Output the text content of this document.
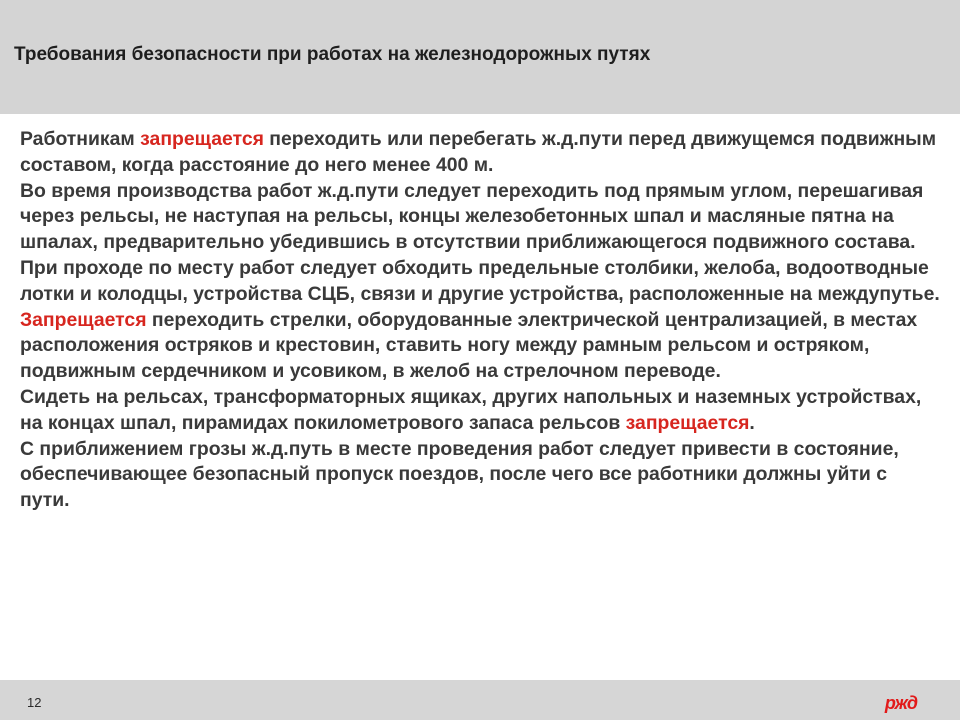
Требования безопасности при работах на железнодорожных путях

Работникам запрещается переходить или перебегать ж.д.пути перед движущемся подвижным составом, когда расстояние до него менее 400 м.

Во время производства работ ж.д.пути следует переходить под прямым углом, перешагивая через рельсы, не наступая на рельсы, концы железобетонных шпал и масляные пятна на шпалах, предварительно убедившись в отсутствии приближающегося подвижного состава. При проходе по месту работ следует обходить предельные столбики, желоба, водоотводные лотки и колодцы, устройства СЦБ, связи и другие устройства, расположенные на междупутье.

Запрещается переходить стрелки, оборудованные электрической централизацией, в местах расположения остряков и крестовин, ставить ногу между рамным рельсом и остряком, подвижным сердечником и усовиком, в желоб на стрелочном переводе.

Сидеть на рельсах, трансформаторных ящиках, других напольных и наземных устройствах, на концах шпал, пирамидах покилометрового запаса рельсов запрещается.

С приближением грозы ж.д.путь в месте проведения работ следует привести в состояние, обеспечивающее безопасный пропуск поездов, после чего все работники должны уйти с пути.

12	ржд
